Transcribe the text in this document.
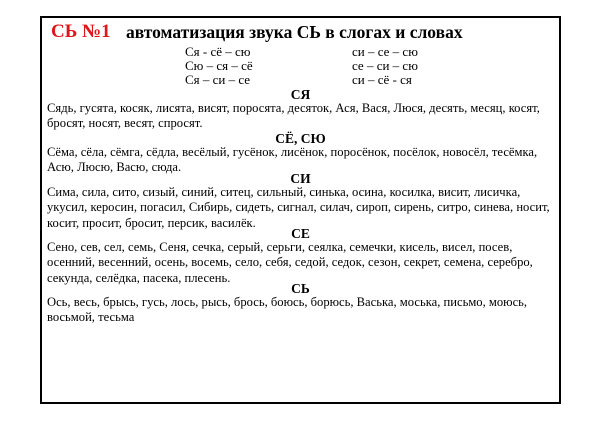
СЬ №1 автоматизация звука СЬ в слогах и словах
Ся - сё – сю
Сю – ся – сё
Ся – си – се
си – се – сю
се – си – сю
си – сё - ся
СЯ

Сядь, гусята, косяк, лисята, висят, поросята, десяток, Ася, Вася, Люся, десять, месяц, косят,
бросят, носят, весят, спросят.

СЁ, СЮ

Сёма, сёла, сёмга, сёдла, весёлый, гусёнок, лисёнок, поросёнок, посёлок, новосёл, тесёмка,
Асю, Люсю, Васю, сюда.

СИ

Сима, сила, сито, сизый, синий, ситец, сильный, синька, осина, косилка, висит, лисичка,
укусил, керосин, погасил, Сибирь, сидеть, сигнал, силач, сироп, сирень, ситро, синева, носит,
косит, просит, бросит, персик, василёк.

СЕ

Сено, сев, сел, семь, Сеня, сечка, серый, серьги, сеялка, семечки, кисель, висел, посев,
осенний, весенний, осень, восемь, село, себя, седой, седок, сезон, секрет, семена, серебро,
секунда, селёдка, пасека, плесень.

СЬ

Ось, весь, брысь, гусь, лось, рысь, брось, боюсь, борюсь, Васька, моська, письмо, моюсь,
восьмой, тесьма
